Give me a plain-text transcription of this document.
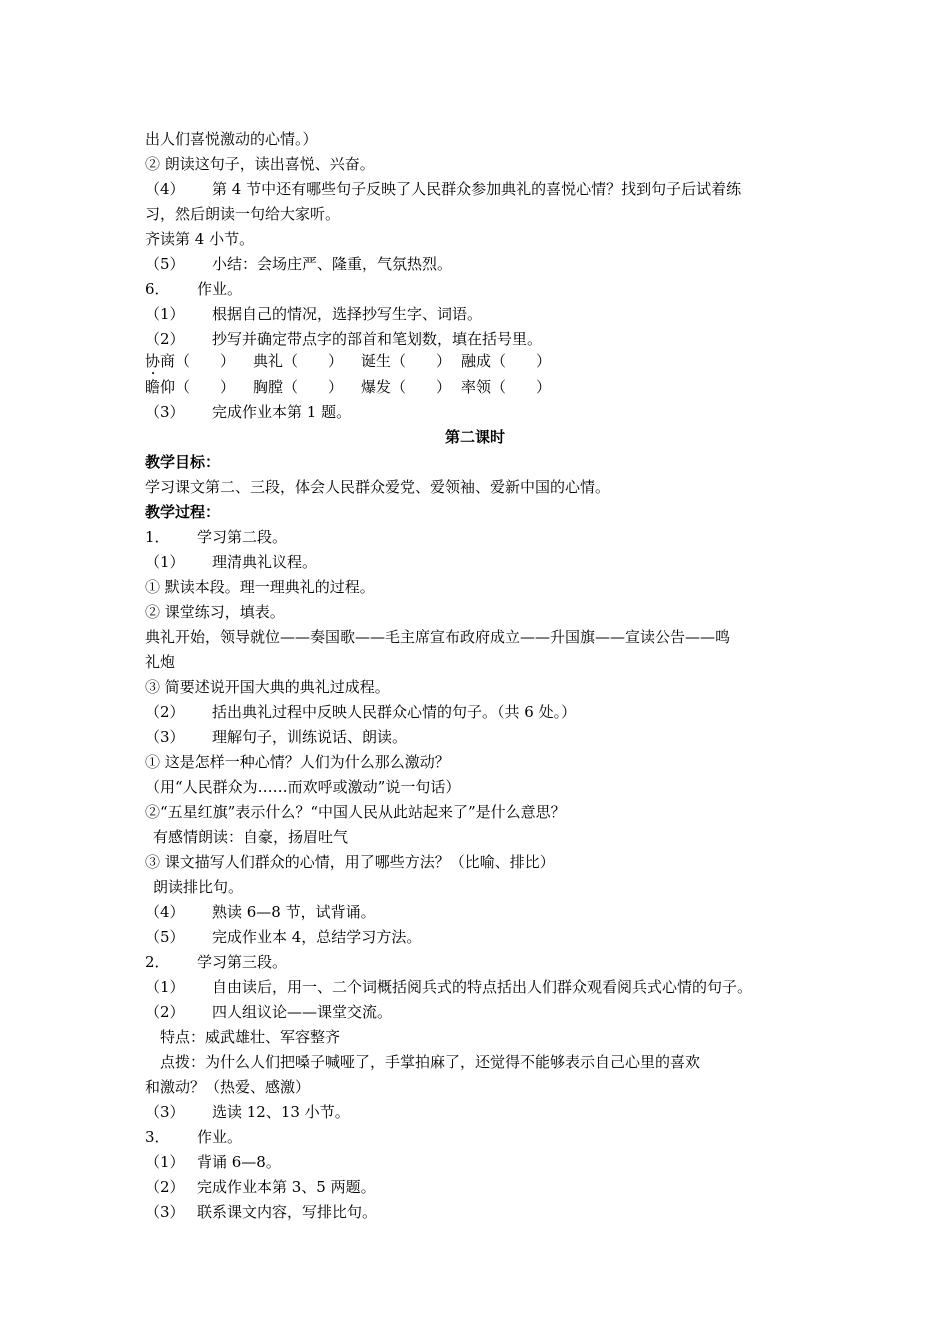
出人们喜悦激动的心情。）
② 朗读这句子，读出喜悦、兴奋。
（4） 第 4 节中还有哪些句子反映了人民群众参加典礼的喜悦心情？找到句子后试着练
习，然后朗读一句给大家听。
齐读第 4 小节。
（5） 小结：会场庄严、隆重，气氛热烈。
6． 作业。
（1） 根据自己的情况，选择抄写生字、词语。
（2） 抄写并确定带点字的部首和笔划数，填在括号里。
协商（　　） 典礼（　　） 诞生（　　） 融成（　　）
瞻仰（　　） 胸膛（　　） 爆发（　　） 率领（　　）
（3） 完成作业本第 1 题。
第二课时
教学目标：
学习课文第二、三段，体会人民群众爱党、爱领袖、爱新中国的心情。
教学过程：
1． 学习第二段。
（1） 理清典礼议程。
① 默读本段。理一理典礼的过程。
② 课堂练习，填表。
典礼开始，领导就位——奏国歌——毛主席宣布政府成立——升国旗——宣读公告——鸣
礼炮
③ 简要述说开国大典的典礼过成程。
（2） 括出典礼过程中反映人民群众心情的句子。（共 6 处。）
（3） 理解句子，训练说话、朗读。
① 这是怎样一种心情？人们为什么那么激动？
（用“人民群众为……而欢呼或激动”说一句话）
②“五星红旗”表示什么？“中国人民从此站起来了”是什么意思？
有感情朗读：自豪，扬眉吐气
③ 课文描写人们群众的心情，用了哪些方法？（比喻、排比）
朗读排比句。
（4） 熟读 6—8 节，试背诵。
（5） 完成作业本 4，总结学习方法。
2． 学习第三段。
（1） 自由读后，用一、二个词概括阅兵式的特点括出人们群众观看阅兵式心情的句子。
（2） 四人组议论——课堂交流。
特点：威武雄壮、军容整齐
点拨：为什么人们把嗓子喊哑了，手掌拍麻了，还觉得不能够表示自己心里的喜欢
和激动？（热爱、感激）
（3） 选读 12、13 小节。
3． 作业。
（1） 背诵 6—8。
（2） 完成作业本第 3、5 两题。
（3） 联系课文内容，写排比句。
